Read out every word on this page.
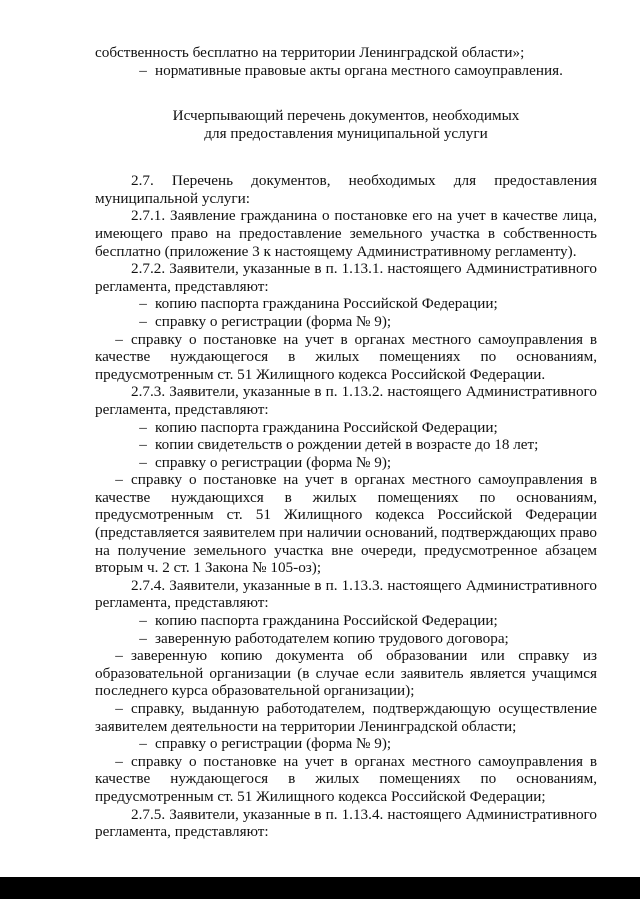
собственность бесплатно на территории Ленинградской области»;

– нормативные правовые акты органа местного самоуправления.

Исчерпывающий перечень документов, необходимых
для предоставления муниципальной услуги

2.7. Перечень документов, необходимых для предоставления муниципальной услуги:

2.7.1. Заявление гражданина о постановке его на учет в качестве лица, имеющего право на предоставление земельного участка в собственность бесплатно (приложение 3 к настоящему Административному регламенту).

2.7.2. Заявители, указанные в п. 1.13.1. настоящего Административного регламента, представляют:

– копию паспорта гражданина Российской Федерации;

– справку о регистрации (форма № 9);

– справку о постановке на учет в органах местного самоуправления в качестве нуждающегося в жилых помещениях по основаниям, предусмотренным ст. 51 Жилищного кодекса Российской Федерации.

2.7.3. Заявители, указанные в п. 1.13.2. настоящего Административного регламента, представляют:

– копию паспорта гражданина Российской Федерации;

– копии свидетельств о рождении детей в возрасте до 18 лет;

– справку о регистрации (форма № 9);

– справку о постановке на учет в органах местного самоуправления в качестве нуждающихся в жилых помещениях по основаниям, предусмотренным ст. 51 Жилищного кодекса Российской Федерации (представляется заявителем при наличии оснований, подтверждающих право на получение земельного участка вне очереди, предусмотренное абзацем вторым ч. 2 ст. 1 Закона № 105-оз);

2.7.4. Заявители, указанные в п. 1.13.3. настоящего Административного регламента, представляют:

– копию паспорта гражданина Российской Федерации;

– заверенную работодателем копию трудового договора;

– заверенную копию документа об образовании или справку из образовательной организации (в случае если заявитель является учащимся последнего курса образовательной организации);

– справку, выданную работодателем, подтверждающую осуществление заявителем деятельности на территории Ленинградской области;

– справку о регистрации (форма № 9);

– справку о постановке на учет в органах местного самоуправления в качестве нуждающегося в жилых помещениях по основаниям, предусмотренным ст. 51 Жилищного кодекса Российской Федерации;

2.7.5. Заявители, указанные в п. 1.13.4. настоящего Административного регламента, представляют:
